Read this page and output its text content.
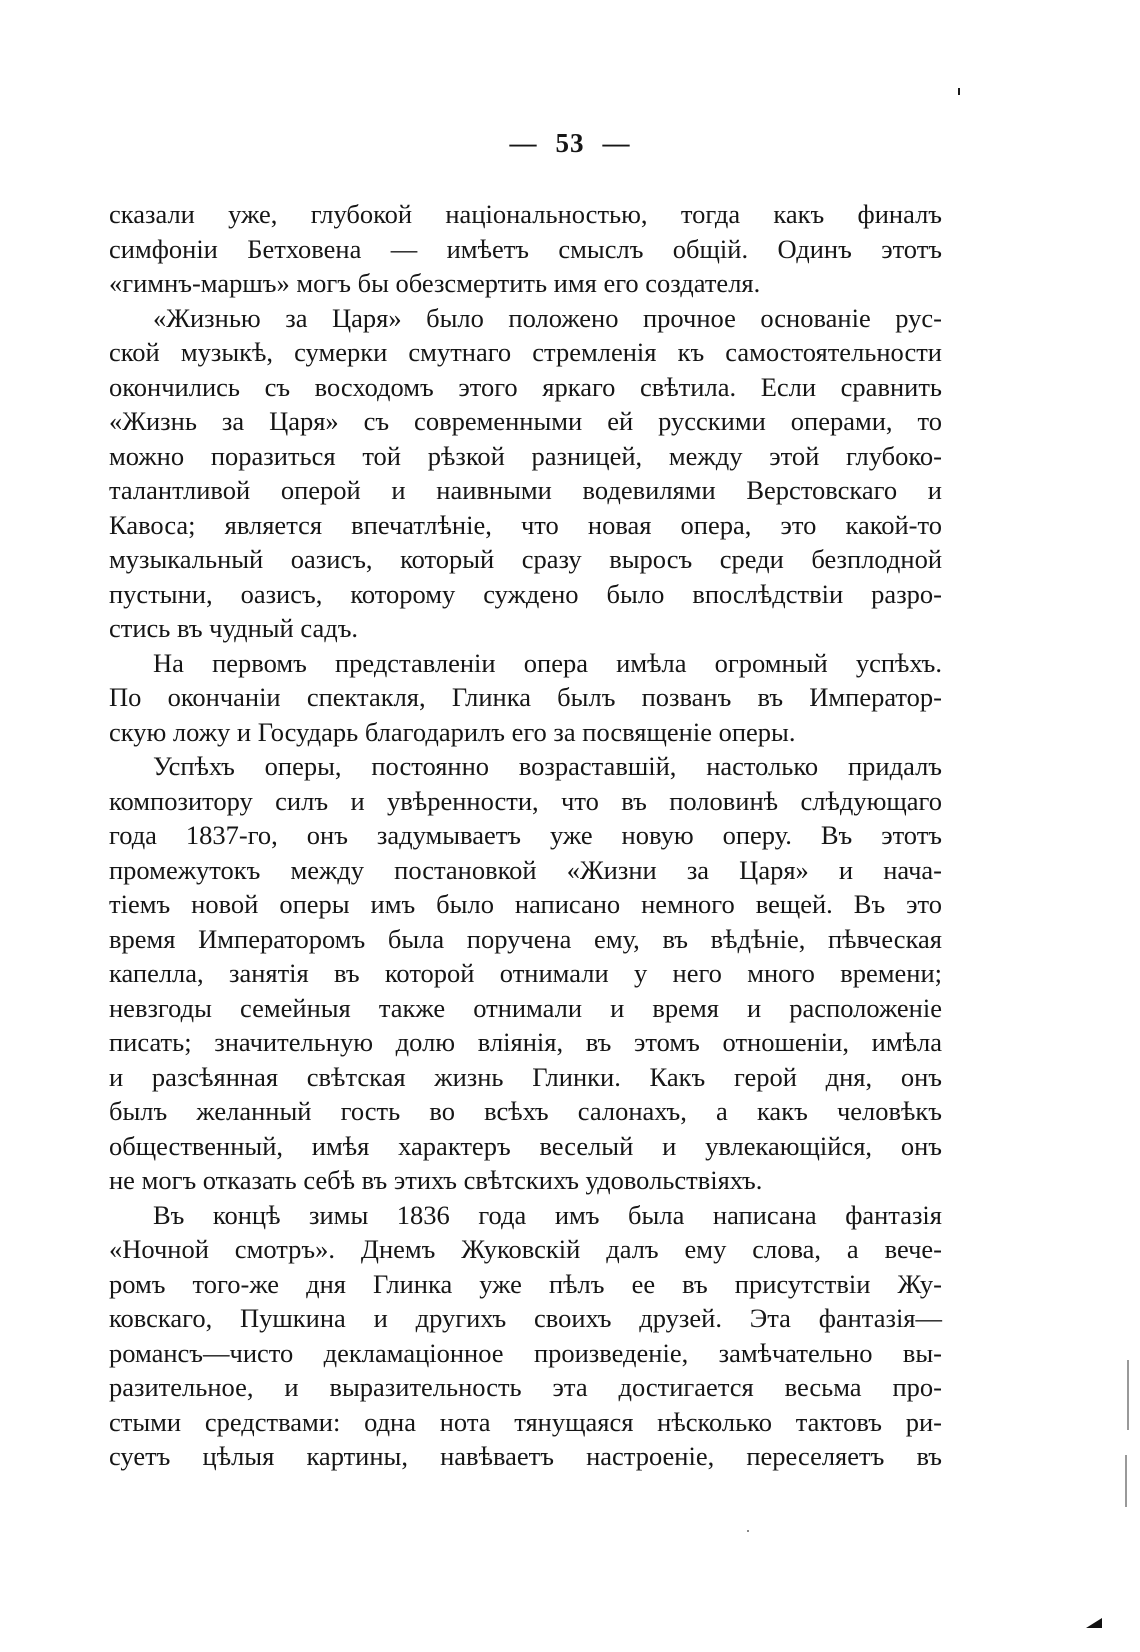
— 53 —
сказали уже, глубокой національностью, тогда какъ финалъ
симфоніи Бетховена — имѣетъ смыслъ общій. Одинъ этотъ
«гимнъ-маршъ» могъ бы обезсмертить имя его создателя.
«Жизнью за Царя» было положено прочное основаніе рус-
ской музыкѣ, сумерки смутнаго стремленія къ самостоятельности
окончились съ восходомъ этого яркаго свѣтила. Если сравнить
«Жизнь за Царя» съ современными ей русскими операми, то
можно поразиться той рѣзкой разницей, между этой глубоко-
талантливой оперой и наивными водевилями Верстовскаго и
Кавоса; является впечатлѣніе, что новая опера, это какой-то
музыкальный оазисъ, который сразу выросъ среди безплодной
пустыни, оазисъ, которому суждено было впослѣдствіи разро-
стись въ чудный садъ.
На первомъ представленіи опера имѣла огромный успѣхъ.
По окончаніи спектакля, Глинка былъ позванъ въ Император-
скую ложу и Государь благодарилъ его за посвященіе оперы.
Успѣхъ оперы, постоянно возраставшій, настолько придалъ
композитору силъ и увѣренности, что въ половинѣ слѣдующаго
года 1837-го, онъ задумываетъ уже новую оперу. Въ этотъ
промежутокъ между постановкой «Жизни за Царя» и нача-
тіемъ новой оперы имъ было написано немного вещей. Въ это
время Императоромъ была поручена ему, въ вѣдѣніе, пѣвческая
капелла, занятія въ которой отнимали у него много времени;
невзгоды семейныя также отнимали и время и расположеніе
писать; значительную долю вліянія, въ этомъ отношеніи, имѣла
и разсѣянная свѣтская жизнь Глинки. Какъ герой дня, онъ
былъ желанный гость во всѣхъ салонахъ, а какъ человѣкъ
общественный, имѣя характеръ веселый и увлекающійся, онъ
не могъ отказать себѣ въ этихъ свѣтскихъ удовольствіяхъ.
Въ концѣ зимы 1836 года имъ была написана фантазія
«Ночной смотръ». Днемъ Жуковскій далъ ему слова, а вече-
ромъ того-же дня Глинка уже пѣлъ ее въ присутствіи Жу-
ковскаго, Пушкина и другихъ своихъ друзей. Эта фантазія—
романсъ—чисто декламаціонное произведеніе, замѣчательно вы-
разительное, и выразительность эта достигается весьма про-
стыми средствами: одна нота тянущаяся нѣсколько тактовъ ри-
суетъ цѣлыя картины, навѣваетъ настроеніе, переселяетъ въ
